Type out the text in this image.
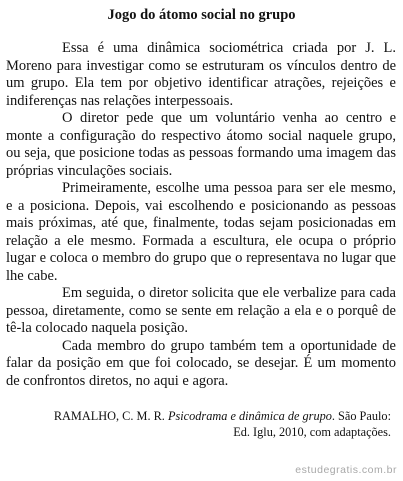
Jogo do átomo social no grupo

Essa é uma dinâmica sociométrica criada por J. L. Moreno para investigar como se estruturam os vínculos dentro de um grupo. Ela tem por objetivo identificar atrações, rejeições e indiferenças nas relações interpessoais.

O diretor pede que um voluntário venha ao centro e monte a configuração do respectivo átomo social naquele grupo, ou seja, que posicione todas as pessoas formando uma imagem das próprias vinculações sociais.

Primeiramente, escolhe uma pessoa para ser ele mesmo, e a posiciona. Depois, vai escolhendo e posicionando as pessoas mais próximas, até que, finalmente, todas sejam posicionadas em relação a ele mesmo. Formada a escultura, ele ocupa o próprio lugar e coloca o membro do grupo que o representava no lugar que lhe cabe.

Em seguida, o diretor solicita que ele verbalize para cada pessoa, diretamente, como se sente em relação a ela e o porquê de tê-la colocado naquela posição.

Cada membro do grupo também tem a oportunidade de falar da posição em que foi colocado, se desejar. É um momento de confrontos diretos, no aqui e agora.

RAMALHO, C. M. R. Psicodrama e dinâmica de grupo. São Paulo:
Ed. Iglu, 2010, com adaptações.
estudegratis.com.br
